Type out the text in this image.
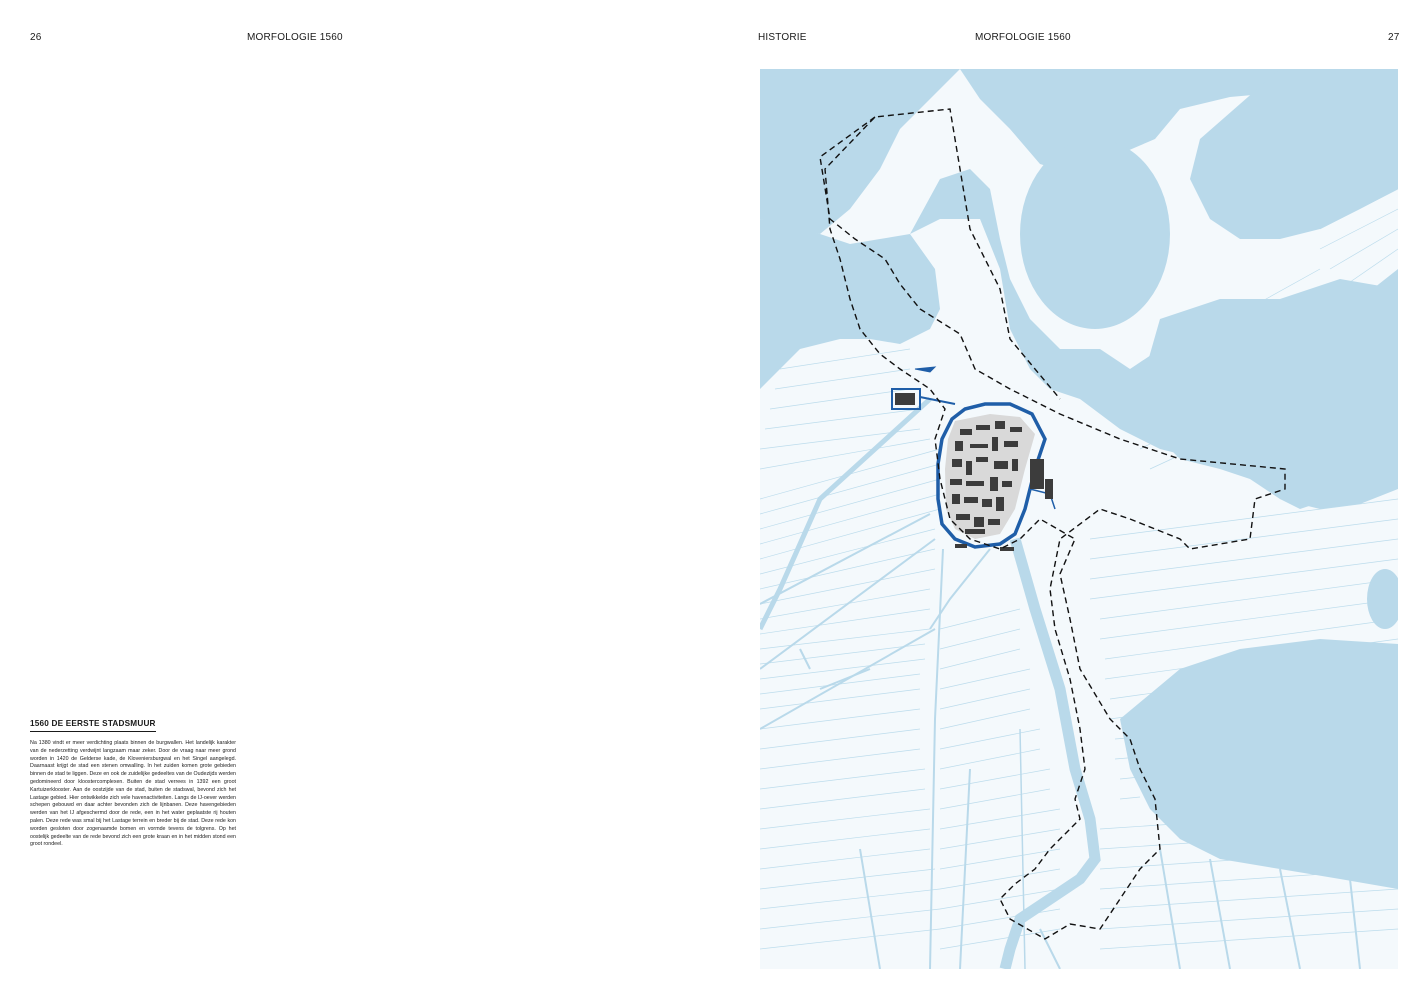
26	MORFOLOGIE 1560	HISTORIE	MORFOLOGIE 1560	27
1560 DE EERSTE STADSMUUR

Na 1380 vindt er meer verdichting plaats binnen de burgwallen. Het landelijk karakter van de nederzetting verdwijnt langzaam maar zeker. Door de vraag naar meer grond worden in 1420 de Gelderse kade, de Kloveniersburgwal en het Singel aangelegd. Daarnaast krijgt de stad een stenen omwalling. In het zuiden komen grote gebieden binnen de stad te liggen. Deze en ook de zuidelijke gedeeltes van de Oudezijds werden gedomineerd door kloostercomplexen. Buiten de stad verrees in 1392 een groot Kartuizerklooster. Aan de oostzijde van de stad, buiten de stadswal, bevond zich het Lastage gebied. Hier ontwikkelde zich vele havenactiviteiten. Langs de IJ-oever werden schepen gebouwd en daar achter bevonden zich de lijnbanen. Deze havengebieden werden van het IJ afgeschermd door de rede, een in het water geplaatste rij houten palen. Deze rede was smal bij het Lastage terrein en breder bij de stad. Deze rede kon worden gesloten door zogenaamde bomen en vormde tevens de tolgrens. Op het oostelijk gedeelte van de rede bevond zich een grote kraan en in het midden stond een groot rondeel.
